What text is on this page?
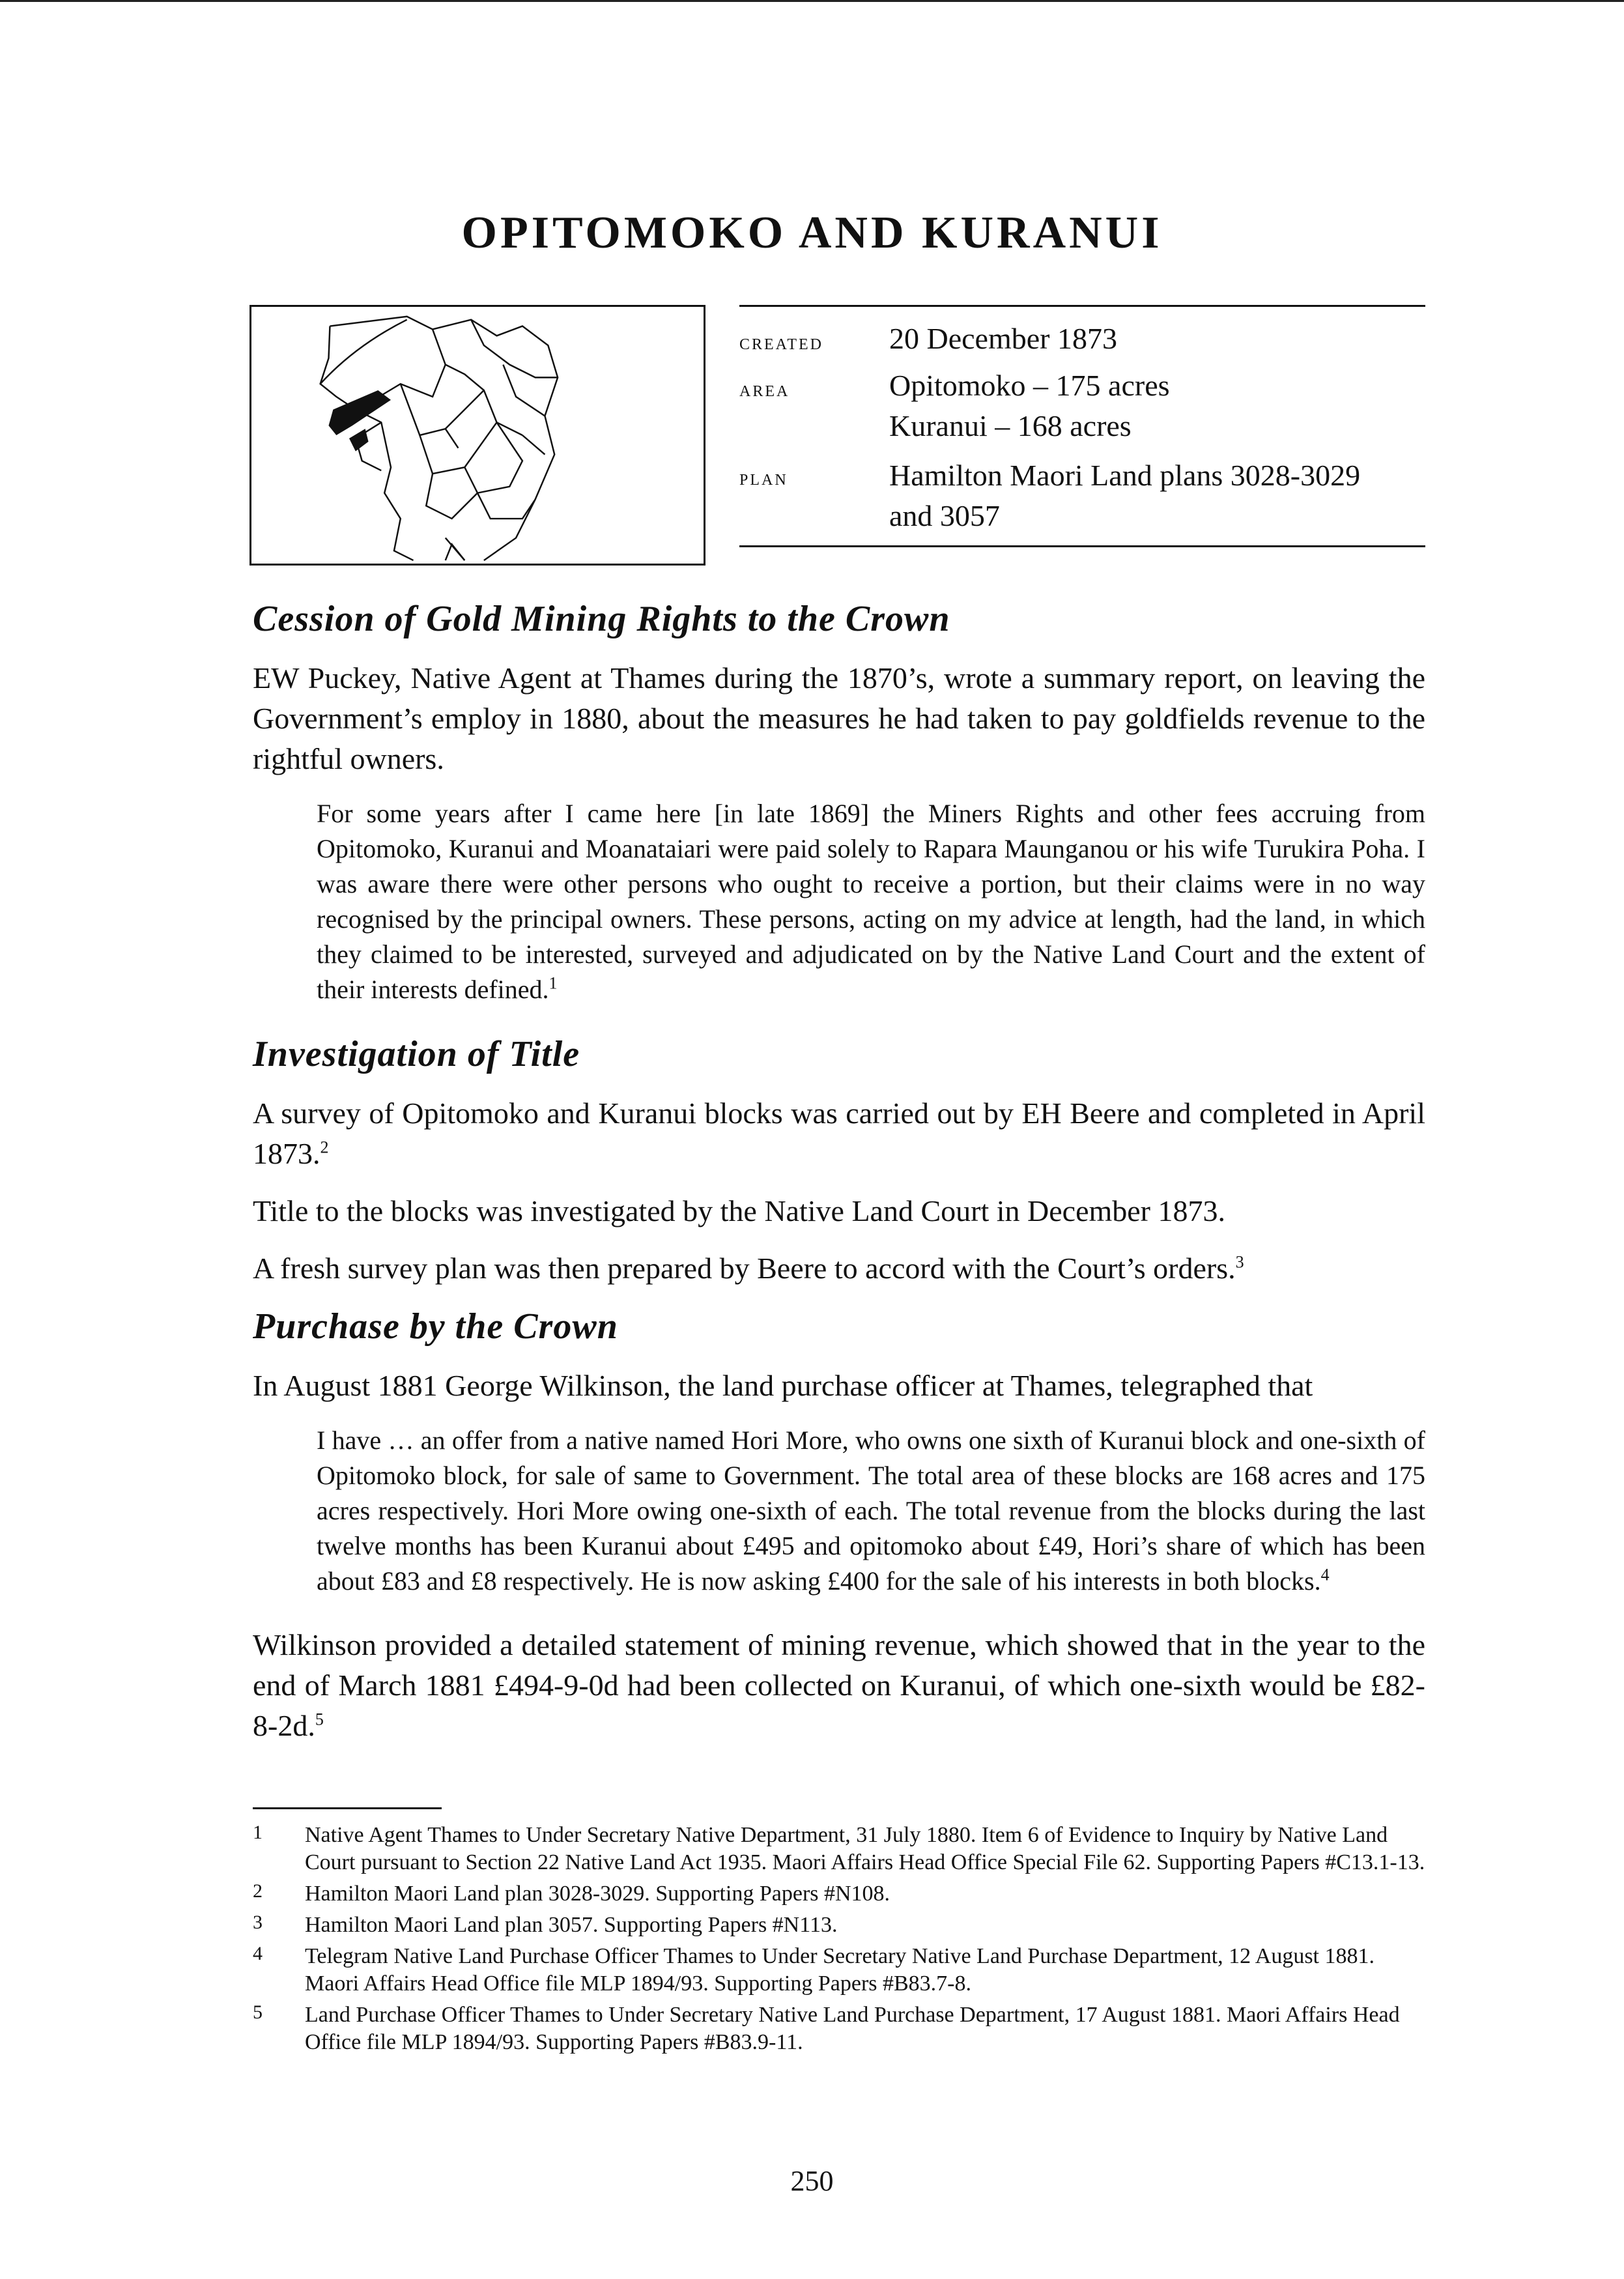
OPITOMOKO AND KURANUI
created 20 December 1873
area	Opitomoko – 175 acres
Kuranui – 168 acres
plan	Hamilton Maori Land plans 3028-3029
and 3057
Cession of Gold Mining Rights to the Crown

EW Puckey, Native Agent at Thames during the 1870’s, wrote a summary report, on leaving the Government’s employ in 1880, about the measures he had taken to pay goldfields revenue to the rightful owners.

For some years after I came here [in late 1869] the Miners Rights and other fees accruing from Opitomoko, Kuranui and Moanataiari were paid solely to Rapara Maunganou or his wife Turukira Poha. I was aware there were other persons who ought to receive a portion, but their claims were in no way recognised by the principal owners. These persons, acting on my advice at length, had the land, in which they claimed to be interested, surveyed and adjudicated on by the Native Land Court and the extent of their interests defined.$^1$
Investigation of Title

A survey of Opitomoko and Kuranui blocks was carried out by EH Beere and completed in April 1873.$^2$

Title to the blocks was investigated by the Native Land Court in December 1873.

A fresh survey plan was then prepared by Beere to accord with the Court’s orders.$^3$

Purchase by the Crown

In August 1881 George Wilkinson, the land purchase officer at Thames, telegraphed that

I have … an offer from a native named Hori More, who owns one sixth of Kuranui block and one-sixth of Opitomoko block, for sale of same to Government. The total area of these blocks are 168 acres and 175 acres respectively. Hori More owing one-sixth of each. The total revenue from the blocks during the last twelve months has been Kuranui about £495 and opitomoko about £49, Hori’s share of which has been about £83 and £8 respectively. He is now asking £400 for the sale of his interests in both blocks.$^4$

Wilkinson provided a detailed statement of mining revenue, which showed that in the year to the end of March 1881 £494-9-0d had been collected on Kuranui, of which one-sixth would be £82-8-2d.$^5$

1 Native Agent Thames to Under Secretary Native Department, 31 July 1880. Item 6 of Evidence to Inquiry by Native Land Court pursuant to Section 22 Native Land Act 1935. Maori Affairs Head Office Special File 62. Supporting Papers #C13.1-13.
2 Hamilton Maori Land plan 3028-3029. Supporting Papers #N108.
3 Hamilton Maori Land plan 3057. Supporting Papers #N113.
4 Telegram Native Land Purchase Officer Thames to Under Secretary Native Land Purchase Department, 12 August 1881. Maori Affairs Head Office file MLP 1894/93. Supporting Papers #B83.7-8.
5 Land Purchase Officer Thames to Under Secretary Native Land Purchase Department, 17 August 1881. Maori Affairs Head Office file MLP 1894/93. Supporting Papers #B83.9-11.
250
